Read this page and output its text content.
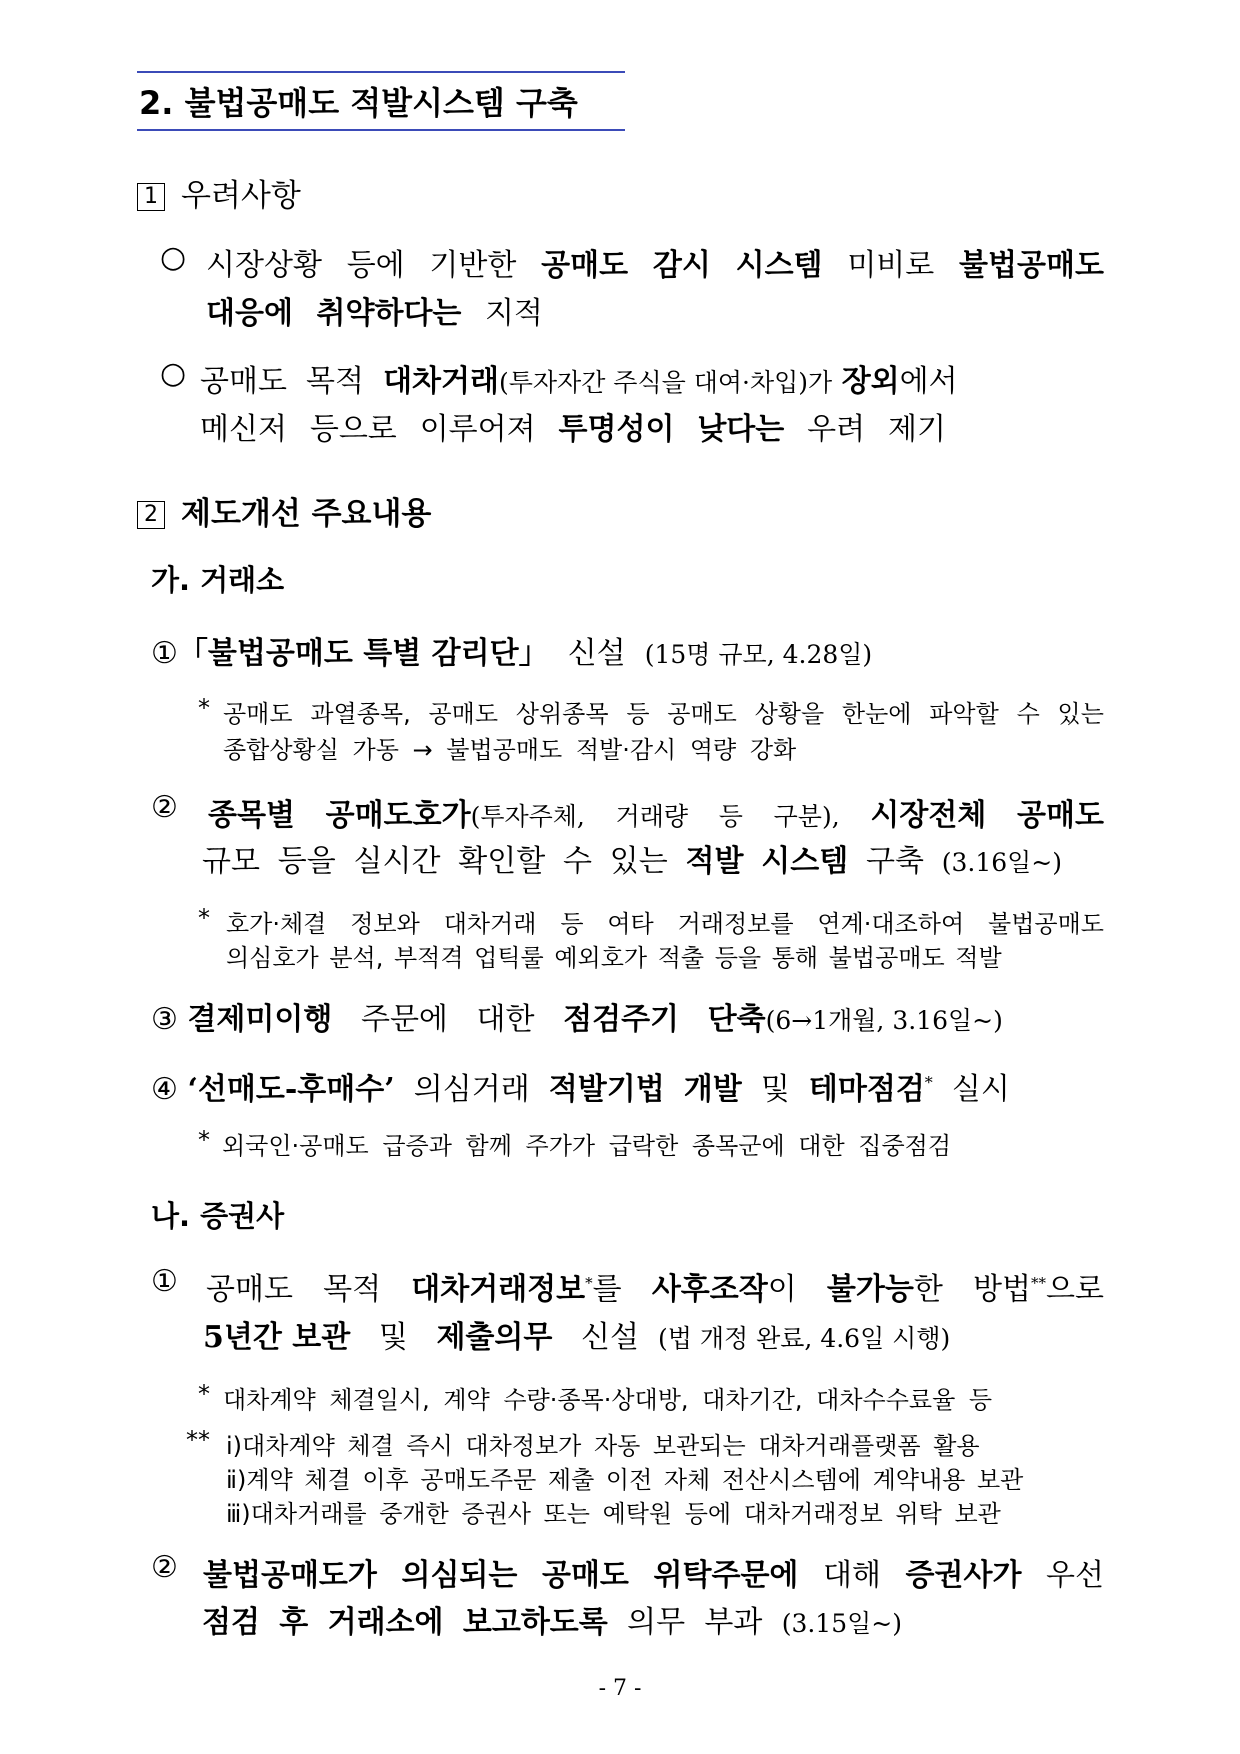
2. 불법공매도 적발시스템 구축
1 우려사항
○ 시장상황 등에 기반한 공매도 감시 시스템 미비로 불법공매도
대응에 취약하다는 지적
○ 공매도 목적 대차거래(투자자간 주식을 대여·차입)가 장외에서
메신저 등으로 이루어져 투명성이 낮다는 우려 제기
2 제도개선 주요내용
가. 거래소
①「불법공매도 특별 감리단」 신설 (15명 규모, 4.28일)
* 공매도 과열종목, 공매도 상위종목 등 공매도 상황을 한눈에 파악할 수 있는
종합상황실 가동 → 불법공매도 적발·감시 역량 강화
② 종목별 공매도호가(투자주체, 거래량 등 구분), 시장전체 공매도
규모 등을 실시간 확인할 수 있는 적발 시스템 구축 (3.16일~)
* 호가·체결 정보와 대차거래 등 여타 거래정보를 연계·대조하여 불법공매도
의심호가 분석, 부적격 업틱룰 예외호가 적출 등을 통해 불법공매도 적발
③ 결제미이행 주문에 대한 점검주기 단축(6→1개월, 3.16일~)
④ ‘선매도-후매수’ 의심거래 적발기법 개발 및 테마점검* 실시
* 외국인·공매도 급증과 함께 주가가 급락한 종목군에 대한 집중점검
나. 증권사
① 공매도 목적 대차거래정보*를 사후조작이 불가능한 방법**으로
5년간 보관 및 제출의무 신설 (법 개정 완료, 4.6일 시행)
* 대차계약 체결일시, 계약 수량·종목·상대방, 대차기간, 대차수수료율 등
** ⅰ)대차계약 체결 즉시 대차정보가 자동 보관되는 대차거래플랫폼 활용
ⅱ)계약 체결 이후 공매도주문 제출 이전 자체 전산시스템에 계약내용 보관
ⅲ)대차거래를 중개한 증권사 또는 예탁원 등에 대차거래정보 위탁 보관
② 불법공매도가 의심되는 공매도 위탁주문에 대해 증권사가 우선
점검 후 거래소에 보고하도록 의무 부과 (3.15일~)
- 7 -
